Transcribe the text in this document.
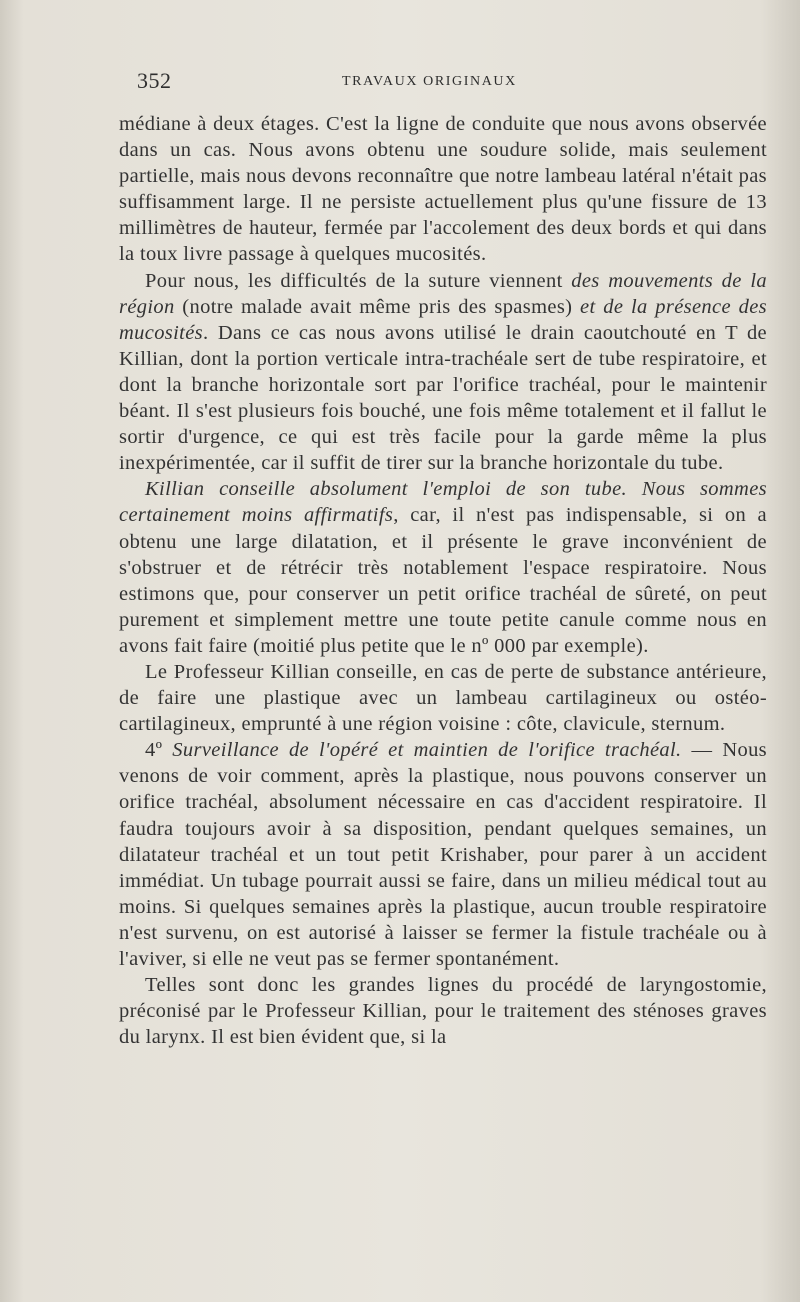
352	TRAVAUX ORIGINAUX

médiane à deux étages. C'est la ligne de conduite que nous avons observée dans un cas. Nous avons obtenu une soudure solide, mais seulement partielle, mais nous devons reconnaître que notre lambeau latéral n'était pas suffisamment large. Il ne persiste actuellement plus qu'une fissure de 13 millimètres de hauteur, fermée par l'accolement des deux bords et qui dans la toux livre passage à quelques mucosités.

Pour nous, les difficultés de la suture viennent des mouvements de la région (notre malade avait même pris des spasmes) et de la présence des mucosités. Dans ce cas nous avons utilisé le drain caoutchouté en T de Killian, dont la portion verticale intra-trachéale sert de tube respiratoire, et dont la branche horizontale sort par l'orifice trachéal, pour le maintenir béant. Il s'est plusieurs fois bouché, une fois même totalement et il fallut le sortir d'urgence, ce qui est très facile pour la garde même la plus inexpérimentée, car il suffit de tirer sur la branche horizontale du tube.

Killian conseille absolument l'emploi de son tube. Nous sommes certainement moins affirmatifs, car, il n'est pas indispensable, si on a obtenu une large dilatation, et il présente le grave inconvénient de s'obstruer et de rétrécir très notablement l'espace respiratoire. Nous estimons que, pour conserver un petit orifice trachéal de sûreté, on peut purement et simplement mettre une toute petite canule comme nous en avons fait faire (moitié plus petite que le nº 000 par exemple).

Le Professeur Killian conseille, en cas de perte de substance antérieure, de faire une plastique avec un lambeau cartilagineux ou ostéo-cartilagineux, emprunté à une région voisine : côte, clavicule, sternum.

4º Surveillance de l'opéré et maintien de l'orifice trachéal. — Nous venons de voir comment, après la plastique, nous pouvons conserver un orifice trachéal, absolument nécessaire en cas d'accident respiratoire. Il faudra toujours avoir à sa disposition, pendant quelques semaines, un dilatateur trachéal et un tout petit Krishaber, pour parer à un accident immédiat. Un tubage pourrait aussi se faire, dans un milieu médical tout au moins. Si quelques semaines après la plastique, aucun trouble respiratoire n'est survenu, on est autorisé à laisser se fermer la fistule trachéale ou à l'aviver, si elle ne veut pas se fermer spontanément.

Telles sont donc les grandes lignes du procédé de laryngostomie, préconisé par le Professeur Killian, pour le traitement des sténoses graves du larynx. Il est bien évident que, si la
